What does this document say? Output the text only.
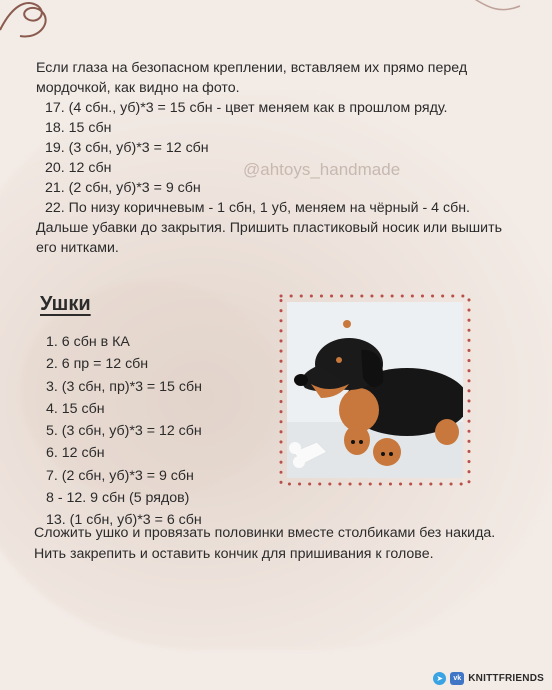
Если глаза на безопасном креплении, вставляем их прямо перед мордочкой, как видно на фото.

17. (4 сбн., уб)*3 = 15 сбн - цвет меняем как в прошлом ряду.
18. 15 сбн
19. (3 сбн, уб)*3 = 12 сбн
20. 12 сбн
21. (2 сбн, уб)*3 = 9 сбн
22. По низу коричневым - 1 сбн, 1 уб, меняем на чёрный - 4 сбн.

Дальше убавки до закрытия. Пришить пластиковый носик или вышить его нитками.

@ahtoys_handmade
Ушки
1. 6 сбн в КА
2. 6 пр = 12 сбн
3. (3 сбн, пр)*3 = 15 сбн
4. 15 сбн
5. (3 сбн, уб)*3 = 12 сбн
6. 12 сбн
7. (2 сбн, уб)*3 = 9 сбн
8 - 12. 9 сбн (5 рядов)
13. (1 сбн, уб)*3 = 6 сбн
Сложить ушко и провязать половинки вместе столбиками без накида. Нить закрепить и оставить кончик для пришивания к голове.
➤	vk KNITTFRIENDS
